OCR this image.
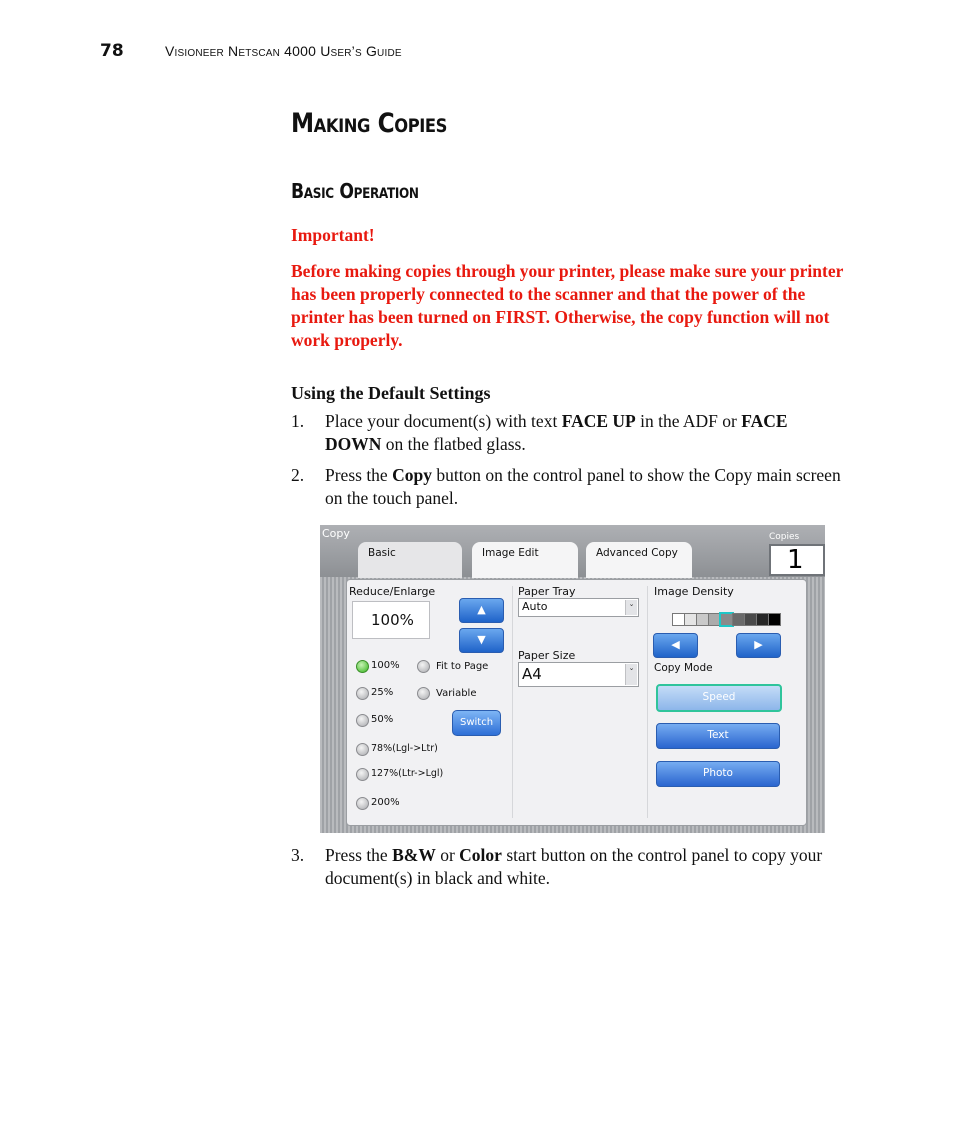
78	Visioneer Netscan 4000 User’s Guide
Making Copies
Basic Operation
Important!
Before making copies through your printer, please make sure your printer has been properly connected to the scanner and that the power of the printer has been turned on FIRST. Otherwise, the copy function will not work properly.
Using the Default Settings
1. Place your document(s) with text FACE UP in the ADF or FACE DOWN on the flatbed glass.
2. Press the Copy button on the control panel to show the Copy main screen on the touch panel.
Copy
Basic	Image Edit	Advanced Copy
Copies
1
Reduce/Enlarge
100%
▲
▼
100%
25%
50%
78%(Lgl->Ltr)
127%(Ltr->Lgl)
200%
Fit to Page
Variable
Switch
Paper Tray
Auto	⌄
Paper Size
A4	⌄
Image Density
◀	▶
Copy Mode
Speed
Text
Photo
3. Press the B&W or Color start button on the control panel to copy your document(s) in black and white.
